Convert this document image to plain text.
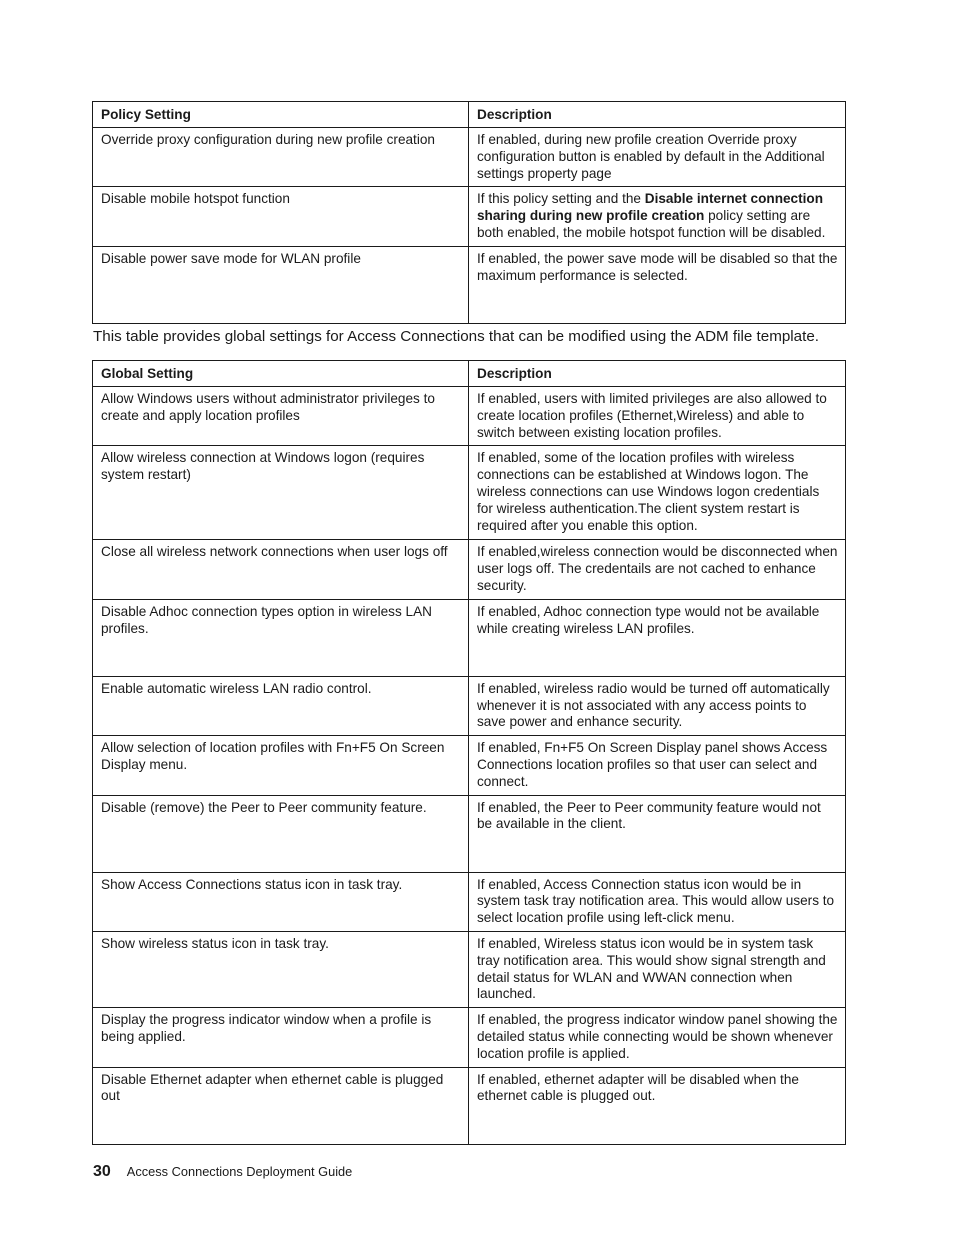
Policy Setting	Description
Override proxy configuration during new profile creation	If enabled, during new profile creation Override proxy configuration button is enabled by default in the Additional settings property page
Disable mobile hotspot function	If this policy setting and the Disable internet connection sharing during new profile creation policy setting are both enabled, the mobile hotspot function will be disabled.
Disable power save mode for WLAN profile	If enabled, the power save mode will be disabled so that the maximum performance is selected.

This table provides global settings for Access Connections that can be modified using the ADM file template.

Global Setting	Description
Allow Windows users without administrator privileges to create and apply location profiles	If enabled, users with limited privileges are also allowed to create location profiles (Ethernet,Wireless) and able to switch between existing location profiles.
Allow wireless connection at Windows logon (requires system restart)	If enabled, some of the location profiles with wireless connections can be established at Windows logon. The wireless connections can use Windows logon credentials for wireless authentication.The client system restart is required after you enable this option.
Close all wireless network connections when user logs off	If enabled,wireless connection would be disconnected when user logs off. The credentails are not cached to enhance security.
Disable Adhoc connection types option in wireless LAN profiles.	If enabled, Adhoc connection type would not be available while creating wireless LAN profiles.
Enable automatic wireless LAN radio control.	If enabled, wireless radio would be turned off automatically whenever it is not associated with any access points to save power and enhance security.
Allow selection of location profiles with Fn+F5 On Screen Display menu.	If enabled, Fn+F5 On Screen Display panel shows Access Connections location profiles so that user can select and connect.
Disable (remove) the Peer to Peer community feature.	If enabled, the Peer to Peer community feature would not be available in the client.
Show Access Connections status icon in task tray.	If enabled, Access Connection status icon would be in system task tray notification area. This would allow users to select location profile using left-click menu.
Show wireless status icon in task tray.	If enabled, Wireless status icon would be in system task tray notification area. This would show signal strength and detail status for WLAN and WWAN connection when launched.
Display the progress indicator window when a profile is being applied.	If enabled, the progress indicator window panel showing the detailed status while connecting would be shown whenever location profile is applied.
Disable Ethernet adapter when ethernet cable is plugged out	If enabled, ethernet adapter will be disabled when the ethernet cable is plugged out.
30 Access Connections Deployment Guide
